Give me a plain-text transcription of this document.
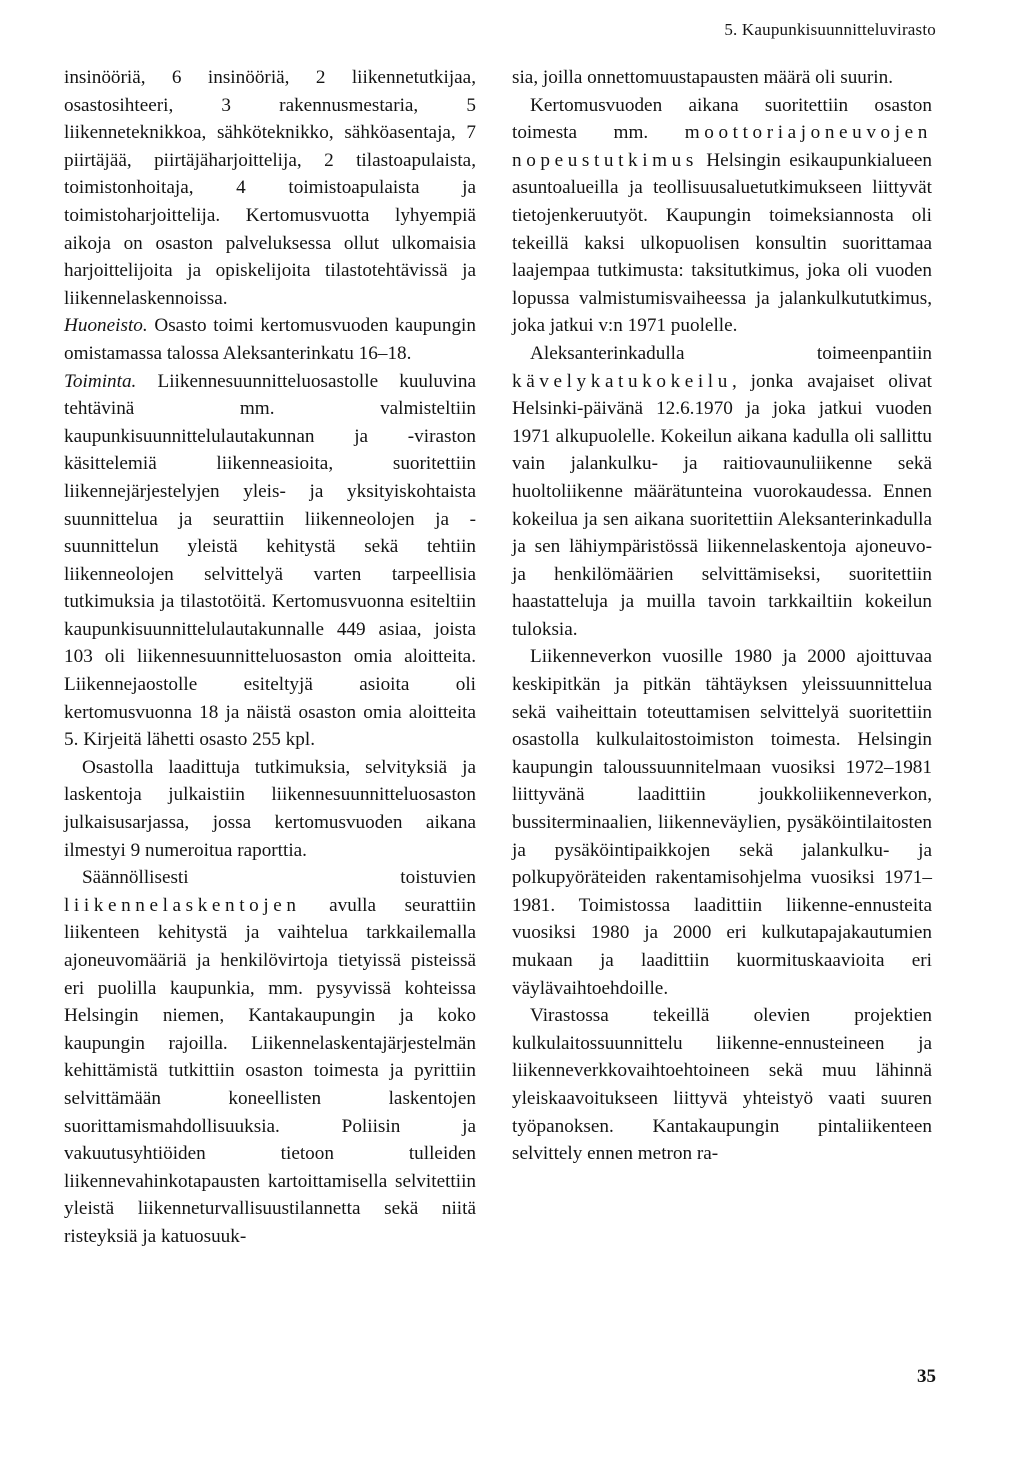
5. Kaupunkisuunnitteluvirasto

insinööriä, 6 insinööriä, 2 liikennetutkijaa, osastosihteeri, 3 rakennusmestaria, 5 liikenneteknikkoa, sähköteknikko, sähköasentaja, 7 piirtäjää, piirtäjäharjoittelija, 2 tilastoapulaista, toimistonhoitaja, 4 toimistoapulaista ja toimistoharjoittelija. Kertomusvuotta lyhyempiä aikoja on osaston palveluksessa ollut ulkomaisia harjoittelijoita ja opiskelijoita tilastotehtävissä ja liikennelaskennoissa.

Huoneisto. Osasto toimi kertomusvuoden kaupungin omistamassa talossa Aleksanterinkatu 16–18.

Toiminta. Liikennesuunnitteluosastolle kuuluvina tehtävinä mm. valmisteltiin kaupunkisuunnittelulautakunnan ja -viraston käsittelemiä liikenneasioita, suoritettiin liikennejärjestelyjen yleis- ja yksityiskohtaista suunnittelua ja seurattiin liikenneolojen ja -suunnittelun yleistä kehitystä sekä tehtiin liikenneolojen selvittelyä varten tarpeellisia tutkimuksia ja tilastotöitä. Kertomusvuonna esiteltiin kaupunkisuunnittelulautakunnalle 449 asiaa, joista 103 oli liikennesuunnitteluosaston omia aloitteita. Liikennejaostolle esiteltyjä asioita oli kertomusvuonna 18 ja näistä osaston omia aloitteita 5. Kirjeitä lähetti osasto 255 kpl.

Osastolla laadittuja tutkimuksia, selvityksiä ja laskentoja julkaistiin liikennesuunnitteluosaston julkaisusarjassa, jossa kertomusvuoden aikana ilmestyi 9 numeroitua raporttia.

Säännöllisesti toistuvien liikennelaskentojen avulla seurattiin liikenteen kehitystä ja vaihtelua tarkkailemalla ajoneuvomääriä ja henkilövirtoja tietyissä pisteissä eri puolilla kaupunkia, mm. pysyvissä kohteissa Helsingin niemen, Kantakaupungin ja koko kaupungin rajoilla. Liikennelaskentajärjestelmän kehittämistä tutkittiin osaston toimesta ja pyrittiin selvittämään koneellisten laskentojen suorittamismahdollisuuksia. Poliisin ja vakuutusyhtiöiden tietoon tulleiden liikennevahinkotapausten kartoittamisella selvitettiin yleistä liikenneturvallisuustilannetta sekä niitä risteyksiä ja katuosuuk-

sia, joilla onnettomuustapausten määrä oli suurin.

Kertomusvuoden aikana suoritettiin osaston toimesta mm. moottoriajoneuvojen nopeustutkimus Helsingin esikaupunkialueen asuntoalueilla ja teollisuusaluetutkimukseen liittyvät tietojenkeruutyöt. Kaupungin toimeksiannosta oli tekeillä kaksi ulkopuolisen konsultin suorittamaa laajempaa tutkimusta: taksitutkimus, joka oli vuoden lopussa valmistumisvaiheessa ja jalankulkututkimus, joka jatkui v:n 1971 puolelle.

Aleksanterinkadulla toimeenpantiin kävelykatukokeilu, jonka avajaiset olivat Helsinki-päivänä 12.6.1970 ja joka jatkui vuoden 1971 alkupuolelle. Kokeilun aikana kadulla oli sallittu vain jalankulku- ja raitiovaunuliikenne sekä huoltoliikenne määrätunteina vuorokaudessa. Ennen kokeilua ja sen aikana suoritettiin Aleksanterinkadulla ja sen lähiympäristössä liikennelaskentoja ajoneuvo- ja henkilömäärien selvittämiseksi, suoritettiin haastatteluja ja muilla tavoin tarkkailtiin kokeilun tuloksia.

Liikenneverkon vuosille 1980 ja 2000 ajoittuvaa keskipitkän ja pitkän tähtäyksen yleissuunnittelua sekä vaiheittain toteuttamisen selvittelyä suoritettiin osastolla kulkulaitostoimiston toimesta. Helsingin kaupungin taloussuunnitelmaan vuosiksi 1972–1981 liittyvänä laadittiin joukkoliikenneverkon, bussiterminaalien, liikenneväylien, pysäköintilaitosten ja pysäköintipaikkojen sekä jalankulku- ja polkupyöräteiden rakentamisohjelma vuosiksi 1971–1981. Toimistossa laadittiin liikenne-ennusteita vuosiksi 1980 ja 2000 eri kulkutapajakautumien mukaan ja laadittiin kuormituskaavioita eri väylävaihtoehdoille.

Virastossa tekeillä olevien projektien kulkulaitossuunnittelu liikenne-ennusteineen ja liikenneverkkovaihtoehtoineen sekä muu lähinnä yleiskaavoitukseen liittyvä yhteistyö vaati suuren työpanoksen. Kantakaupungin pintaliikenteen selvittely ennen metron ra-

35
